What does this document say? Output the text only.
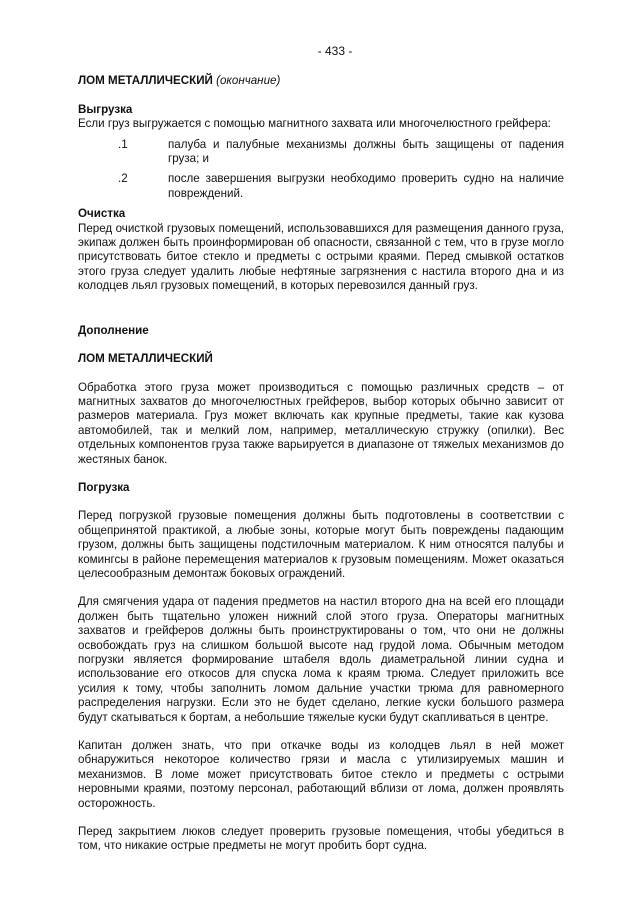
- 433 -
ЛОМ МЕТАЛЛИЧЕСКИЙ (окончание)
Выгрузка

Если груз выгружается с помощью магнитного захвата или многочелюстного грейфера:

.1	палуба и палубные механизмы должны быть защищены от падения груза; и
.2	после завершения выгрузки необходимо проверить судно на наличие повреждений.
Очистка

Перед очисткой грузовых помещений, использовавшихся для размещения данного груза, экипаж должен быть проинформирован об опасности, связанной с тем, что в грузе могло присутствовать битое стекло и предметы с острыми краями. Перед смывкой остатков этого груза следует удалить любые нефтяные загрязнения с настила второго дна и из колодцев льял грузовых помещений, в которых перевозился данный груз.

Дополнение
ЛОМ МЕТАЛЛИЧЕСКИЙ

Обработка этого груза может производиться с помощью различных средств – от магнитных захватов до многочелюстных грейферов, выбор которых обычно зависит от размеров материала. Груз может включать как крупные предметы, такие как кузова автомобилей, так и мелкий лом, например, металлическую стружку (опилки). Вес отдельных компонентов груза также варьируется в диапазоне от тяжелых механизмов до жестяных банок.

Погрузка

Перед погрузкой грузовые помещения должны быть подготовлены в соответствии с общепринятой практикой, а любые зоны, которые могут быть повреждены падающим грузом, должны быть защищены подстилочным материалом. К ним относятся палубы и комингсы в районе перемещения материалов к грузовым помещениям. Может оказаться целесообразным демонтаж боковых ограждений.

Для смягчения удара от падения предметов на настил второго дна на всей его площади должен быть тщательно уложен нижний слой этого груза. Операторы магнитных захватов и грейферов должны быть проинструктированы о том, что они не должны освобождать груз на слишком большой высоте над грудой лома. Обычным методом погрузки является формирование штабеля вдоль диаметральной линии судна и использование его откосов для спуска лома к краям трюма. Следует приложить все усилия к тому, чтобы заполнить ломом дальние участки трюма для равномерного распределения нагрузки. Если это не будет сделано, легкие куски большого размера будут скатываться к бортам, а небольшие тяжелые куски будут скапливаться в центре.

Капитан должен знать, что при откачке воды из колодцев льял в ней может обнаружиться некоторое количество грязи и масла с утилизируемых машин и механизмов. В ломе может присутствовать битое стекло и предметы с острыми неровными краями, поэтому персонал, работающий вблизи от лома, должен проявлять осторожность.

Перед закрытием люков следует проверить грузовые помещения, чтобы убедиться в том, что никакие острые предметы не могут пробить борт судна.
